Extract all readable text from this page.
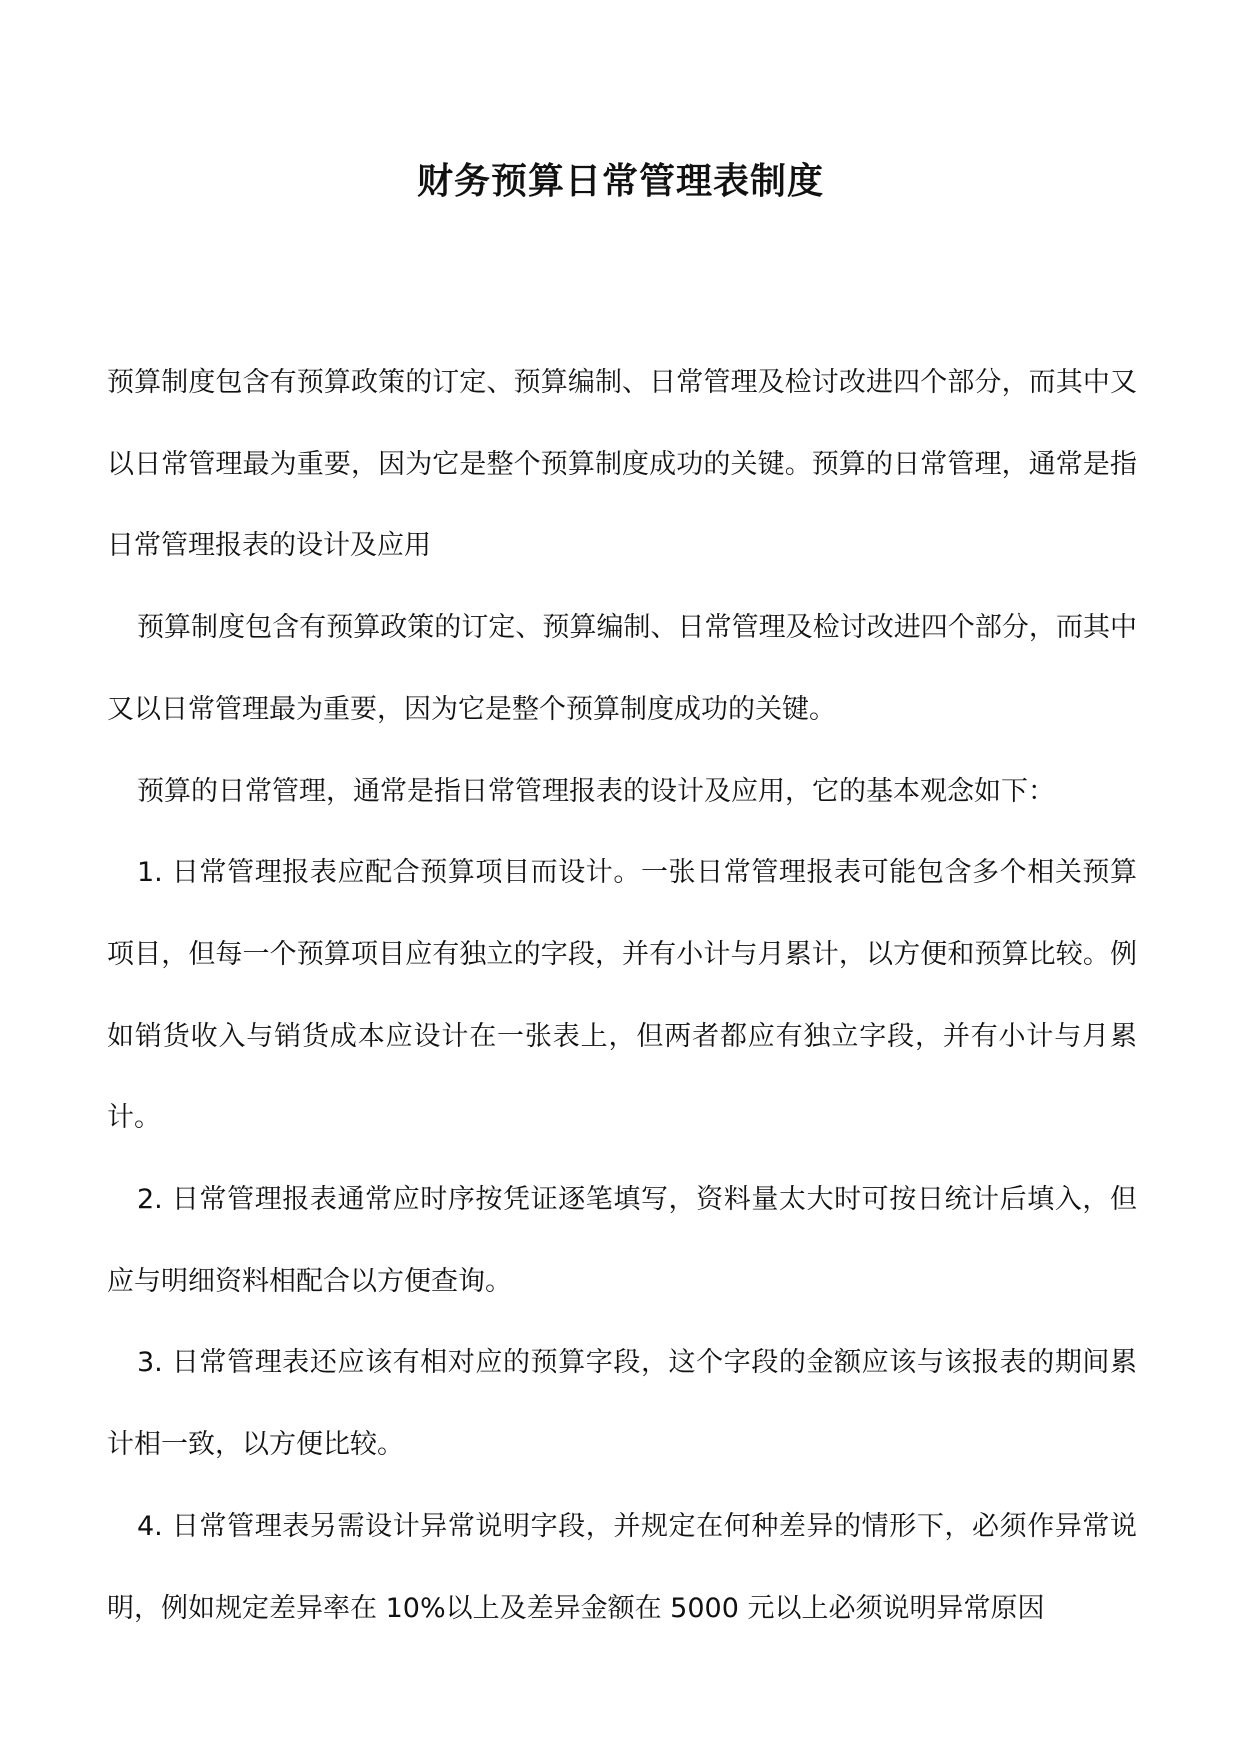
财务预算日常管理表制度

预算制度包含有预算政策的订定、预算编制、日常管理及检讨改进四个部分，而其中又以日常管理最为重要，因为它是整个预算制度成功的关键。预算的日常管理，通常是指日常管理报表的设计及应用

预算制度包含有预算政策的订定、预算编制、日常管理及检讨改进四个部分，而其中又以日常管理最为重要，因为它是整个预算制度成功的关键。

预算的日常管理，通常是指日常管理报表的设计及应用，它的基本观念如下：

1. 日常管理报表应配合预算项目而设计。一张日常管理报表可能包含多个相关预算项目，但每一个预算项目应有独立的字段，并有小计与月累计，以方便和预算比较。例如销货收入与销货成本应设计在一张表上，但两者都应有独立字段，并有小计与月累计。

2. 日常管理报表通常应时序按凭证逐笔填写，资料量太大时可按日统计后填入，但应与明细资料相配合以方便查询。

3. 日常管理表还应该有相对应的预算字段，这个字段的金额应该与该报表的期间累计相一致，以方便比较。

4. 日常管理表另需设计异常说明字段，并规定在何种差异的情形下，必须作异常说明，例如规定差异率在 10%以上及差异金额在 5000 元以上必须说明异常原因
